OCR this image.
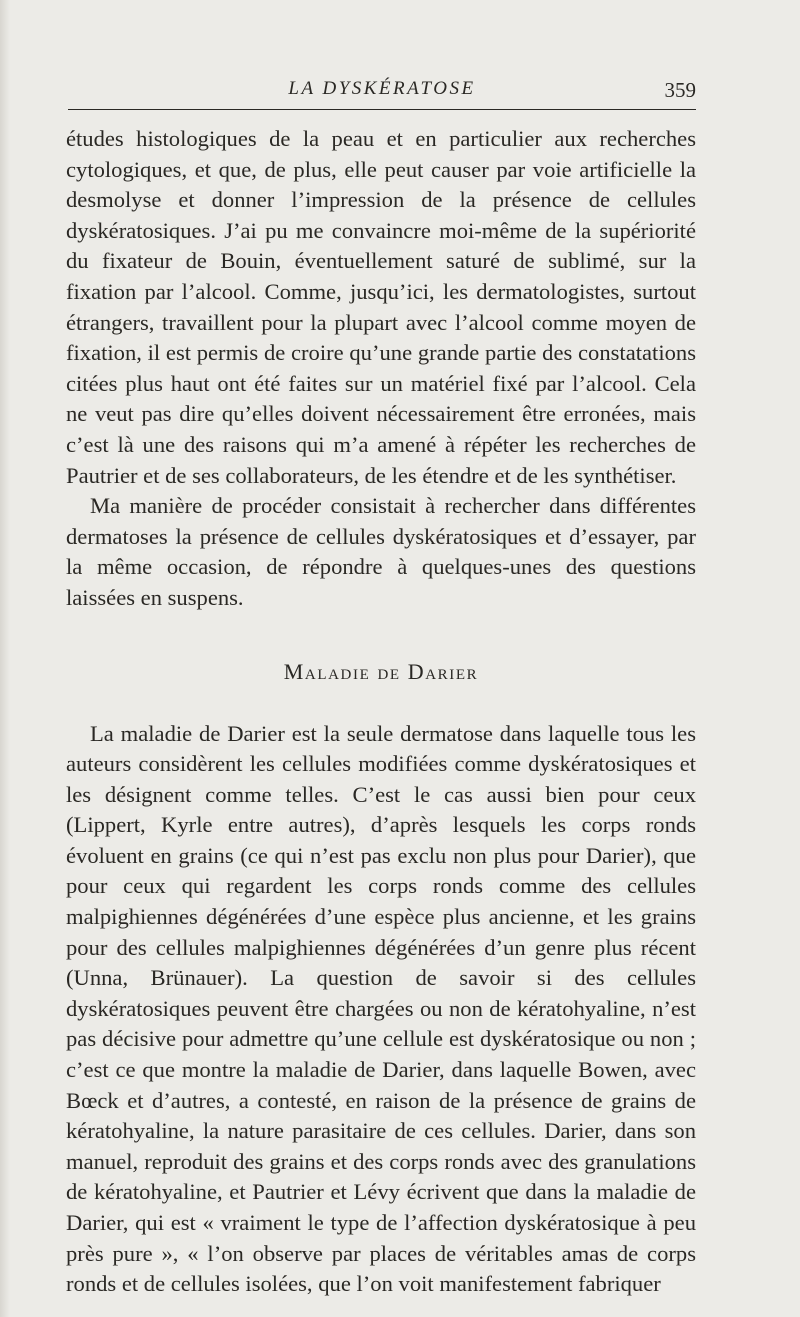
LA DYSKÉRATOSE	359

études histologiques de la peau et en particulier aux recherches cytologiques, et que, de plus, elle peut causer par voie artificielle la desmolyse et donner l’impression de la présence de cellules dyskératosiques. J’ai pu me convaincre moi-même de la supériorité du fixateur de Bouin, éventuellement saturé de sublimé, sur la fixation par l’alcool. Comme, jusqu’ici, les dermatologistes, surtout étrangers, travaillent pour la plupart avec l’alcool comme moyen de fixation, il est permis de croire qu’une grande partie des constatations citées plus haut ont été faites sur un matériel fixé par l’alcool. Cela ne veut pas dire qu’elles doivent nécessairement être erronées, mais c’est là une des raisons qui m’a amené à répéter les recherches de Pautrier et de ses collaborateurs, de les étendre et de les synthétiser.

Ma manière de procéder consistait à rechercher dans différentes dermatoses la présence de cellules dyskératosiques et d’essayer, par la même occasion, de répondre à quelques-unes des questions laissées en suspens.

Maladie de Darier

La maladie de Darier est la seule dermatose dans laquelle tous les auteurs considèrent les cellules modifiées comme dyskératosiques et les désignent comme telles. C’est le cas aussi bien pour ceux (Lippert, Kyrle entre autres), d’après lesquels les corps ronds évoluent en grains (ce qui n’est pas exclu non plus pour Darier), que pour ceux qui regardent les corps ronds comme des cellules malpighiennes dégénérées d’une espèce plus ancienne, et les grains pour des cellules malpighiennes dégénérées d’un genre plus récent (Unna, Brünauer). La question de savoir si des cellules dyskératosiques peuvent être chargées ou non de kératohyaline, n’est pas décisive pour admettre qu’une cellule est dyskératosique ou non ; c’est ce que montre la maladie de Darier, dans laquelle Bowen, avec Bœck et d’autres, a contesté, en raison de la présence de grains de kératohyaline, la nature parasitaire de ces cellules. Darier, dans son manuel, reproduit des grains et des corps ronds avec des granulations de kératohyaline, et Pautrier et Lévy écrivent que dans la maladie de Darier, qui est « vraiment le type de l’affection dyskératosique à peu près pure », « l’on observe par places de véritables amas de corps ronds et de cellules isolées, que l’on voit manifestement fabriquer
